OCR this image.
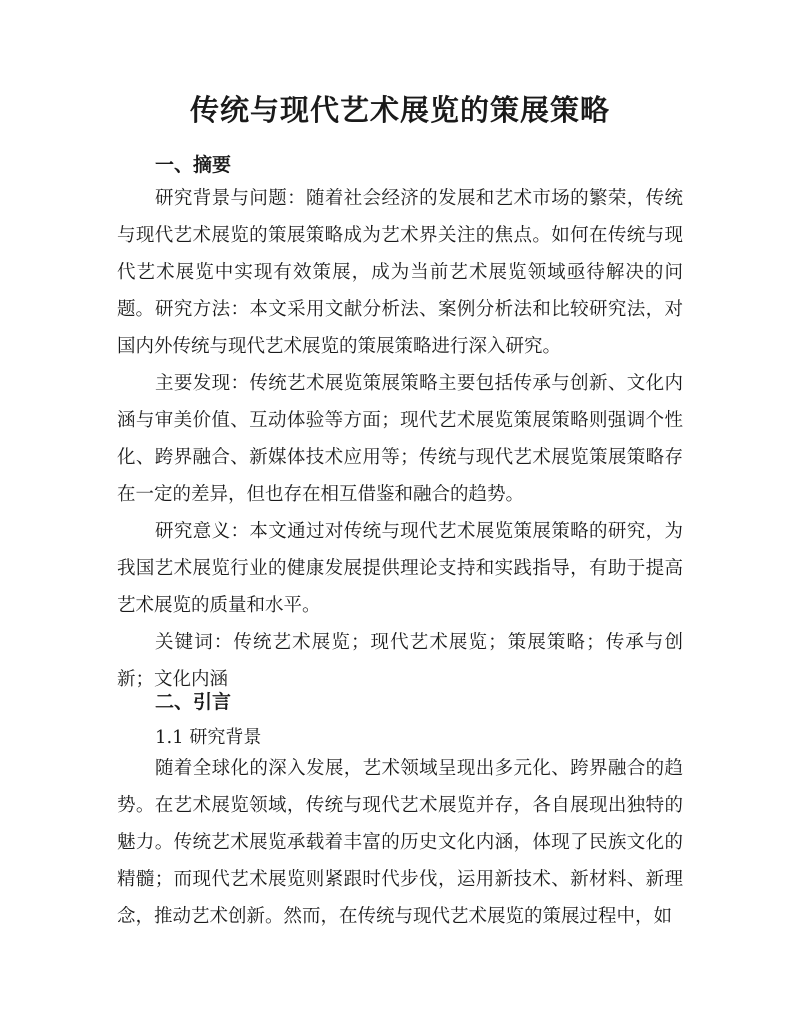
传统与现代艺术展览的策展策略
一、摘要
研究背景与问题：随着社会经济的发展和艺术市场的繁荣，传统与现代艺术展览的策展策略成为艺术界关注的焦点。如何在传统与现代艺术展览中实现有效策展，成为当前艺术展览领域亟待解决的问题。 研究方法：本文采用文献分析法、案例分析法和比较研究法，对国内外传统与现代艺术展览的策展策略进行深入研究。
主要发现：传统艺术展览策展策略主要包括传承与创新、文化内涵与审美价值、互动体验等方面；现代艺术展览策展策略则强调个性化、跨界融合、新媒体技术应用等；传统与现代艺术展览策展策略存在一定的差异，但也存在相互借鉴和融合的趋势。
研究意义：本文通过对传统与现代艺术展览策展策略的研究，为我国艺术展览行业的健康发展提供理论支持和实践指导，有助于提高艺术展览的质量和水平。
关键词：传统艺术展览；现代艺术展览；策展策略；传承与创新；文化内涵
二、引言
1.1 研究背景
随着全球化的深入发展，艺术领域呈现出多元化、跨界融合的趋势。在艺术展览领域，传统与现代艺术展览并存，各自展现出独特的魅力。传统艺术展览承载着丰富的历史文化内涵，体现了民族文化的精髓；而现代艺术展览则紧跟时代步伐，运用新技术、新材料、新理念，推动艺术创新。然而，在传统与现代艺术展览的策展过程中，如
